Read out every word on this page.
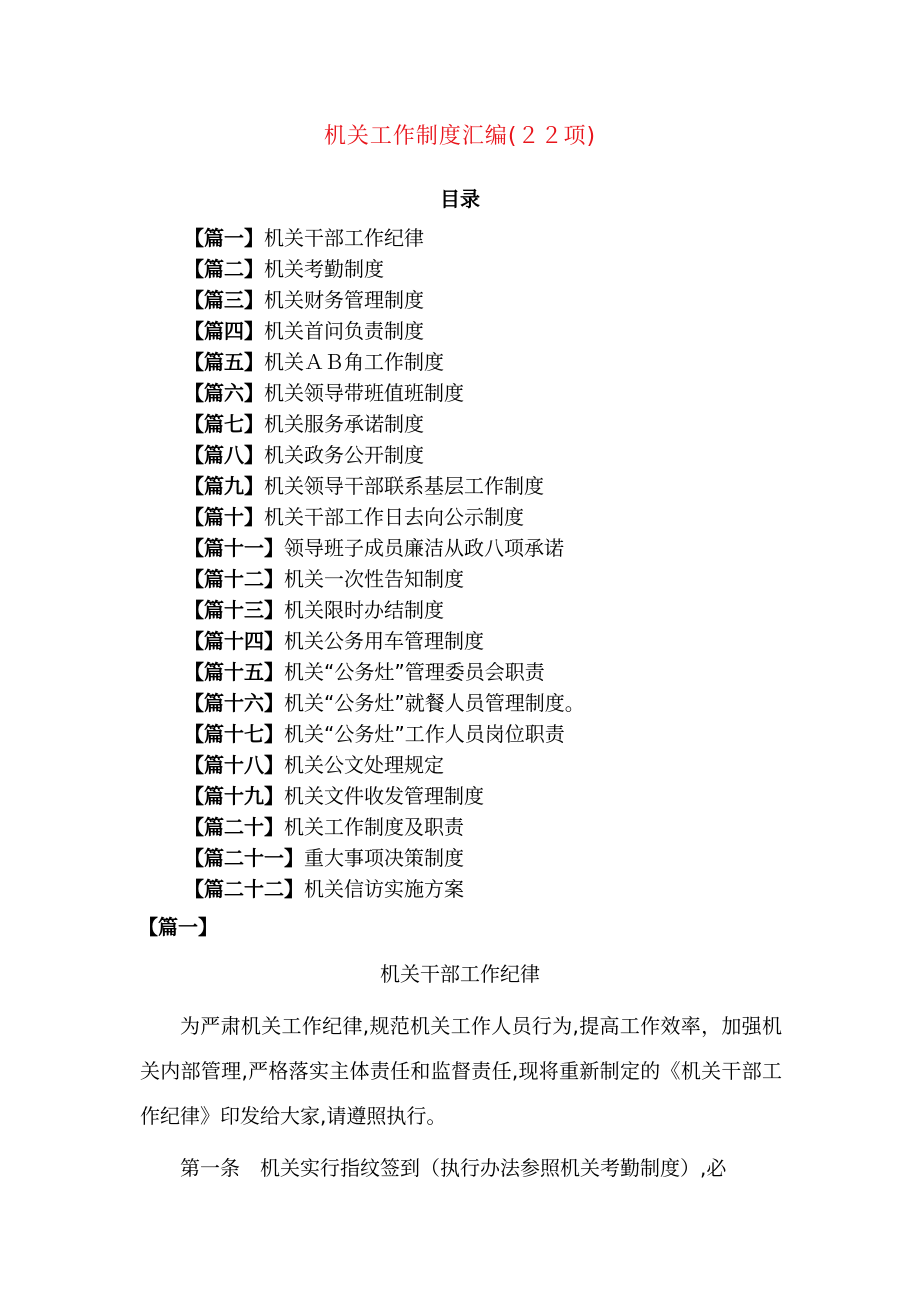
机关工作制度汇编(２２项)
目录
【篇一】机关干部工作纪律
【篇二】机关考勤制度
【篇三】机关财务管理制度
【篇四】机关首问负责制度
【篇五】机关ＡＢ角工作制度
【篇六】机关领导带班值班制度
【篇七】机关服务承诺制度
【篇八】机关政务公开制度
【篇九】机关领导干部联系基层工作制度
【篇十】机关干部工作日去向公示制度
【篇十一】领导班子成员廉洁从政八项承诺
【篇十二】机关一次性告知制度
【篇十三】机关限时办结制度
【篇十四】机关公务用车管理制度
【篇十五】机关“公务灶”管理委员会职责
【篇十六】机关“公务灶”就餐人员管理制度。
【篇十七】机关“公务灶”工作人员岗位职责
【篇十八】机关公文处理规定
【篇十九】机关文件收发管理制度
【篇二十】机关工作制度及职责
【篇二十一】重大事项决策制度
【篇二十二】机关信访实施方案
【篇一】
机关干部工作纪律

为严肃机关工作纪律,规范机关工作人员行为,提高工作效率，加强机关内部管理,严格落实主体责任和监督责任,现将重新制定的《机关干部工作纪律》印发给大家,请遵照执行。

第一条　机关实行指纹签到（执行办法参照机关考勤制度）,必
